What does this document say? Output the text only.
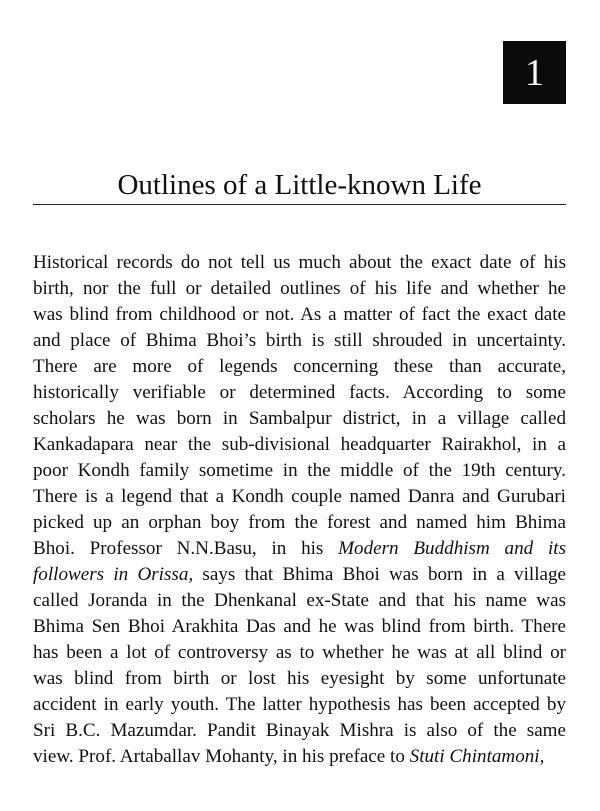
1
Outlines of a Little-known Life
Historical records do not tell us much about the exact date of his
birth, nor the full or detailed outlines of his life and whether he
was blind from childhood or not. As a matter of fact the exact date
and place of Bhima Bhoi’s birth is still shrouded in uncertainty.
There are more of legends concerning these than accurate,
historically verifiable or determined facts. According to some
scholars he was born in Sambalpur district, in a village called
Kankadapara near the sub-divisional headquarter Rairakhol, in a
poor Kondh family sometime in the middle of the 19th century.
There is a legend that a Kondh couple named Danra and Gurubari
picked up an orphan boy from the forest and named him Bhima
Bhoi. Professor N.N.Basu, in his Modern Buddhism and its
followers in Orissa, says that Bhima Bhoi was born in a village
called Joranda in the Dhenkanal ex-State and that his name was
Bhima Sen Bhoi Arakhita Das and he was blind from birth. There
has been a lot of controversy as to whether he was at all blind or
was blind from birth or lost his eyesight by some unfortunate
accident in early youth. The latter hypothesis has been accepted by
Sri B.C. Mazumdar. Pandit Binayak Mishra is also of the same
view. Prof. Artaballav Mohanty, in his preface to Stuti Chintamoni,
